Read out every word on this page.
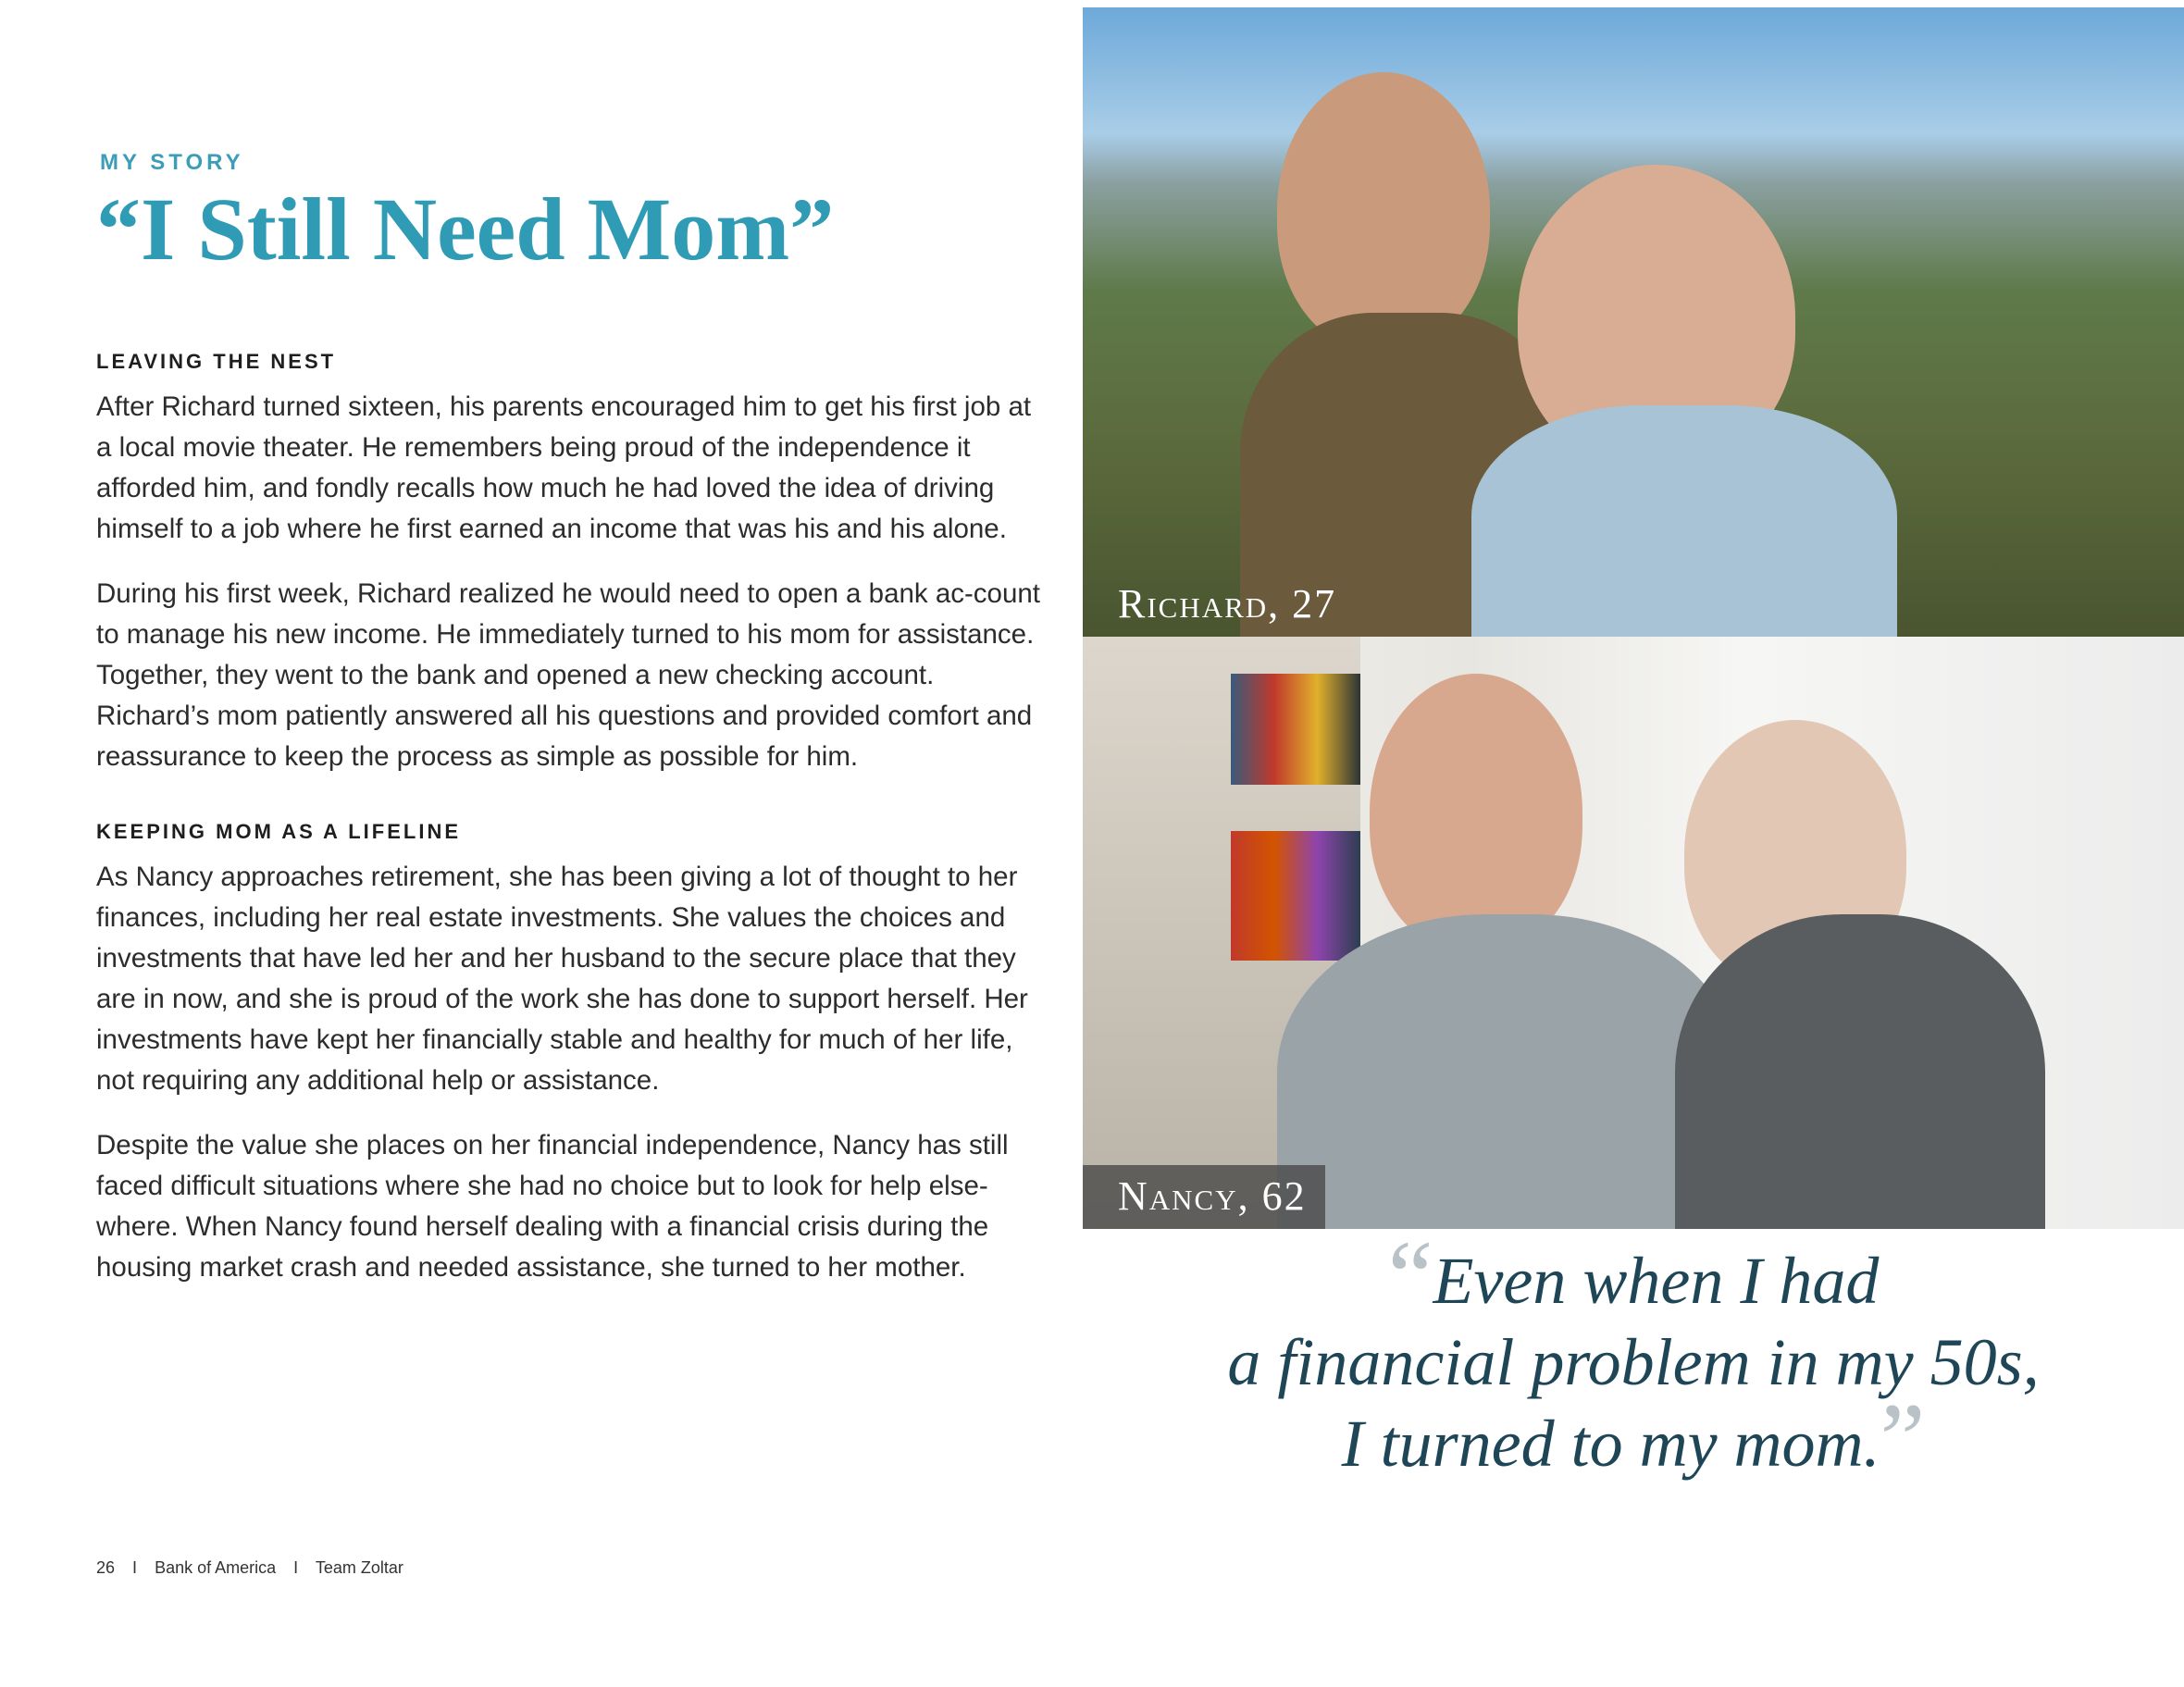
MY STORY

“I Still Need Mom”
LEAVING THE NEST

After Richard turned sixteen, his parents encouraged him to get his first job at a local movie theater. He remembers being proud of the independence it afforded him, and fondly recalls how much he had loved the idea of driving himself to a job where he first earned an income that was his and his alone.

During his first week, Richard realized he would need to open a bank ac-count to manage his new income. He immediately turned to his mom for assistance. Together, they went to the bank and opened a new checking account. Richard’s mom patiently answered all his questions and provided comfort and reassurance to keep the process as simple as possible for him.

KEEPING MOM AS A LIFELINE

As Nancy approaches retirement, she has been giving a lot of thought to her finances, including her real estate investments. She values the choices and investments that have led her and her husband to the secure place that they are in now, and she is proud of the work she has done to support herself. Her investments have kept her financially stable and healthy for much of her life, not requiring any additional help or assistance.

Despite the value she places on her financial independence, Nancy has still faced difficult situations where she had no choice but to look for help else-where. When Nancy found herself dealing with a financial crisis during the housing market crash and needed assistance, she turned to her mother.

Richard, 27
Nancy, 62
“Even when I had
a financial problem in my 50s,
I turned to my mom.”
26 I Bank of America I Team Zoltar
